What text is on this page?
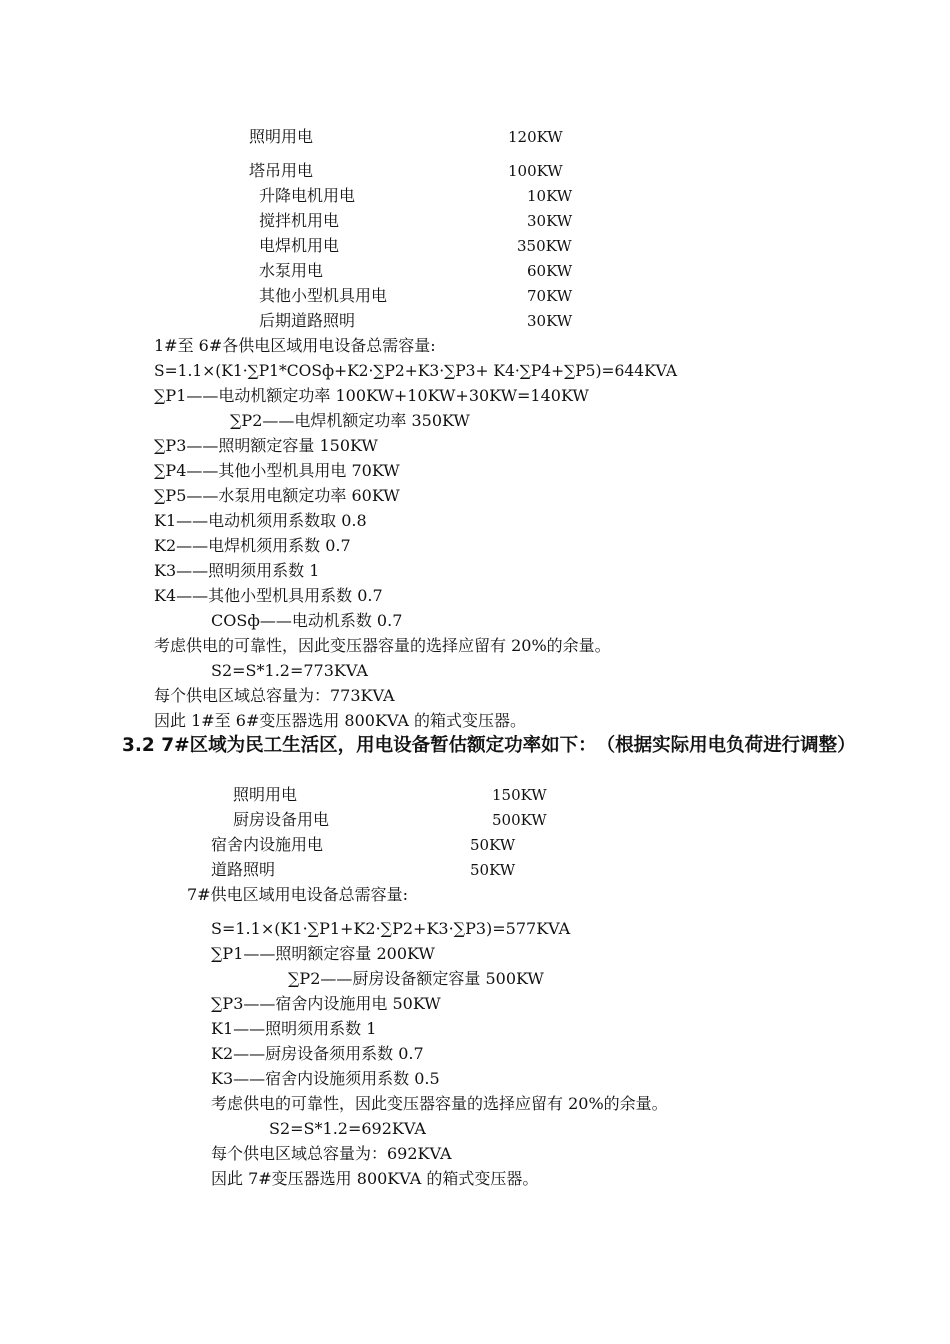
照明用电	120KW
塔吊用电	100KW
升降电机用电	10KW
搅拌机用电	30KW
电焊机用电	350KW
水泵用电	60KW
其他小型机具用电	70KW
后期道路照明	30KW
1#至 6#各供电区域用电设备总需容量:
S=1.1×(K1·∑P1*COSф+K2·∑P2+K3·∑P3+ K4·∑P4+∑P5)=644KVA
∑P1——电动机额定功率 100KW+10KW+30KW=140KW
∑P2——电焊机额定功率 350KW
∑P3——照明额定容量 150KW
∑P4——其他小型机具用电 70KW
∑P5——水泵用电额定功率 60KW
K1——电动机须用系数取 0.8
K2——电焊机须用系数 0.7
K3——照明须用系数 1
K4——其他小型机具用系数 0.7
COSф——电动机系数 0.7
考虑供电的可靠性，因此变压器容量的选择应留有 20%的余量。
S2=S*1.2=773KVA
每个供电区域总容量为：773KVA
因此 1#至 6#变压器选用 800KVA 的箱式变压器。
3.2 7#区域为民工生活区，用电设备暂估额定功率如下：　（根据实际用电负荷进行调整）
照明用电	150KW
厨房设备用电	500KW
宿舍内设施用电	50KW
道路照明	50KW
7#供电区域用电设备总需容量:
S=1.1×(K1·∑P1+K2·∑P2+K3·∑P3)=577KVA
∑P1——照明额定容量 200KW
∑P2——厨房设备额定容量 500KW
∑P3——宿舍内设施用电 50KW
K1——照明须用系数 1
K2——厨房设备须用系数 0.7
K3——宿舍内设施须用系数 0.5
考虑供电的可靠性，因此变压器容量的选择应留有 20%的余量。
S2=S*1.2=692KVA
每个供电区域总容量为：692KVA
因此 7#变压器选用 800KVA 的箱式变压器。
